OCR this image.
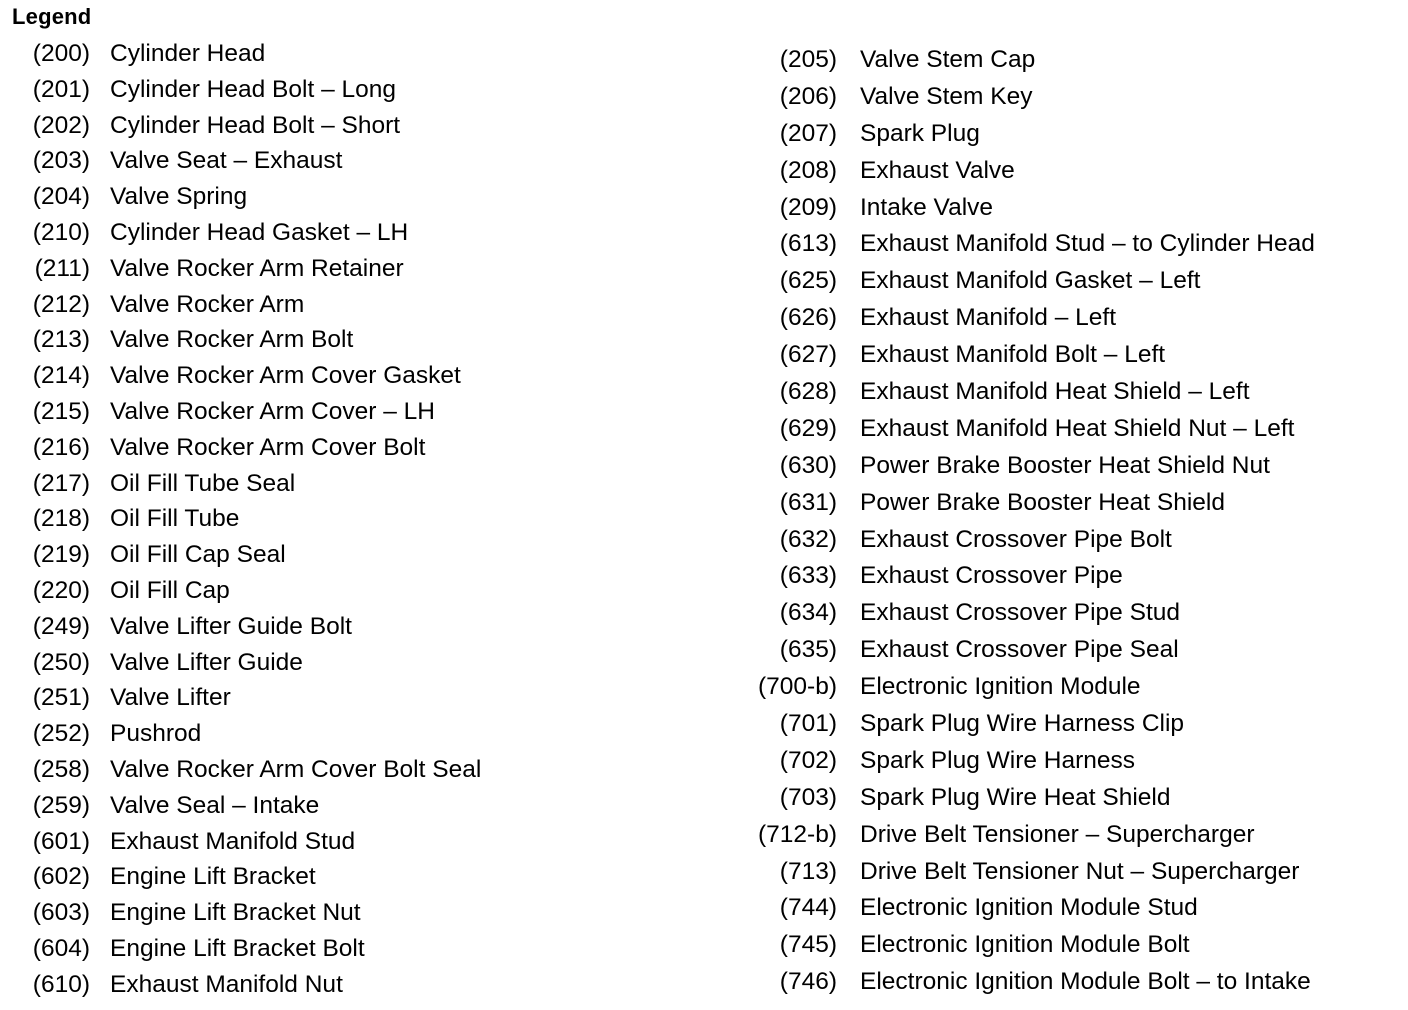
Legend
(200) Cylinder Head
(201) Cylinder Head Bolt – Long
(202) Cylinder Head Bolt – Short
(203) Valve Seat – Exhaust
(204) Valve Spring
(210) Cylinder Head Gasket – LH
(211) Valve Rocker Arm Retainer
(212) Valve Rocker Arm
(213) Valve Rocker Arm Bolt
(214) Valve Rocker Arm Cover Gasket
(215) Valve Rocker Arm Cover – LH
(216) Valve Rocker Arm Cover Bolt
(217) Oil Fill Tube Seal
(218) Oil Fill Tube
(219) Oil Fill Cap Seal
(220) Oil Fill Cap
(249) Valve Lifter Guide Bolt
(250) Valve Lifter Guide
(251) Valve Lifter
(252) Pushrod
(258) Valve Rocker Arm Cover Bolt Seal
(259) Valve Seal – Intake
(601) Exhaust Manifold Stud
(602) Engine Lift Bracket
(603) Engine Lift Bracket Nut
(604) Engine Lift Bracket Bolt
(610) Exhaust Manifold Nut
(205) Valve Stem Cap
(206) Valve Stem Key
(207) Spark Plug
(208) Exhaust Valve
(209) Intake Valve
(613) Exhaust Manifold Stud – to Cylinder Head
(625) Exhaust Manifold Gasket – Left
(626) Exhaust Manifold – Left
(627) Exhaust Manifold Bolt – Left
(628) Exhaust Manifold Heat Shield – Left
(629) Exhaust Manifold Heat Shield Nut – Left
(630) Power Brake Booster Heat Shield Nut
(631) Power Brake Booster Heat Shield
(632) Exhaust Crossover Pipe Bolt
(633) Exhaust Crossover Pipe
(634) Exhaust Crossover Pipe Stud
(635) Exhaust Crossover Pipe Seal
(700-b) Electronic Ignition Module
(701) Spark Plug Wire Harness Clip
(702) Spark Plug Wire Harness
(703) Spark Plug Wire Heat Shield
(712-b) Drive Belt Tensioner – Supercharger
(713) Drive Belt Tensioner Nut – Supercharger
(744) Electronic Ignition Module Stud
(745) Electronic Ignition Module Bolt
(746) Electronic Ignition Module Bolt – to Intake
